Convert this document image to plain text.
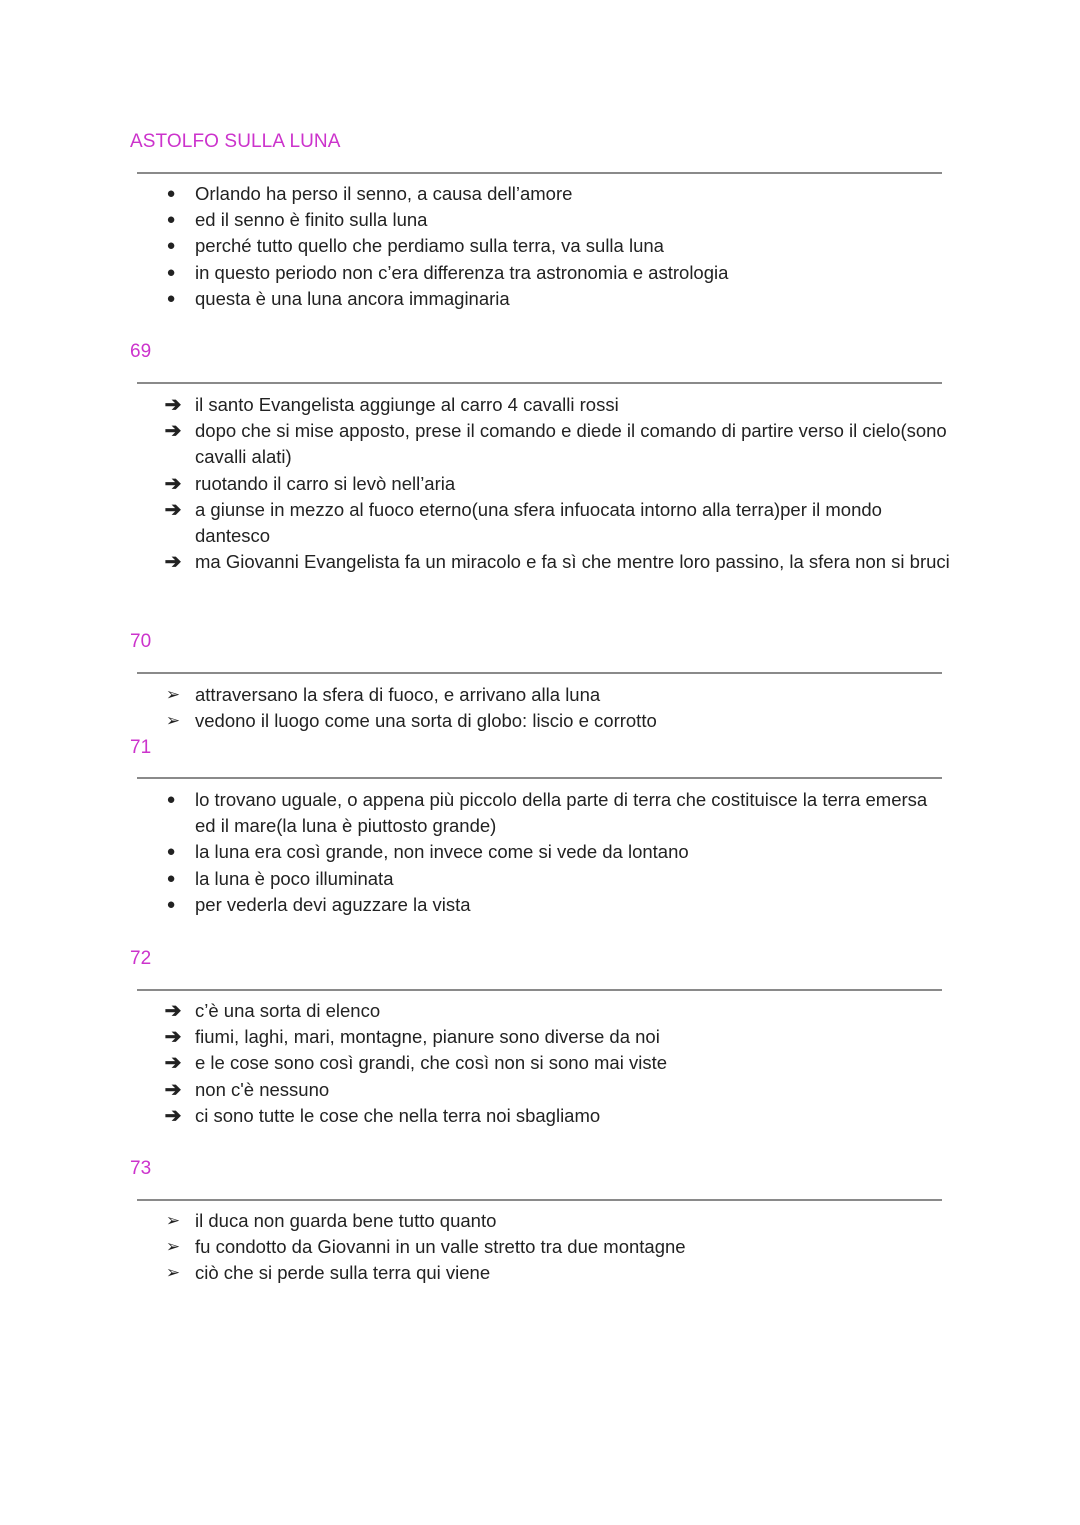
ASTOLFO SULLA LUNA
●	Orlando ha perso il senno, a causa dell’amore
●	ed il senno è finito sulla luna
●	perché tutto quello che perdiamo sulla terra, va sulla luna
●	in questo periodo non c’era differenza tra astronomia e astrologia
●	questa è una luna ancora immaginaria
69
➔ il santo Evangelista aggiunge al carro 4 cavalli rossi
➔ dopo che si mise apposto, prese il comando e diede il comando di partire verso il cielo(sono cavalli alati)
➔ ruotando il carro si levò nell’aria
➔ a giunse in mezzo al fuoco eterno(una sfera infuocata intorno alla terra)per il mondo dantesco
➔ ma Giovanni Evangelista fa un miracolo e fa sì che mentre loro passino, la sfera non si bruci
70
➢ attraversano la sfera di fuoco, e arrivano alla luna
➢ vedono il luogo come una sorta di globo: liscio e corrotto
71
●	lo trovano uguale, o appena più piccolo della parte di terra che costituisce la terra emersa ed il mare(la luna è piuttosto grande)
●	la luna era così grande, non invece come si vede da lontano
●	la luna è poco illuminata
●	per vederla devi aguzzare la vista
72
➔ c’è una sorta di elenco
➔ fiumi, laghi, mari, montagne, pianure sono diverse da noi
➔ e le cose sono così grandi, che così non si sono mai viste
➔ non c'è nessuno
➔ ci sono tutte le cose che nella terra noi sbagliamo
73
➢ il duca non guarda bene tutto quanto
➢ fu condotto da Giovanni in un valle stretto tra due montagne
➢ ciò che si perde sulla terra qui viene
